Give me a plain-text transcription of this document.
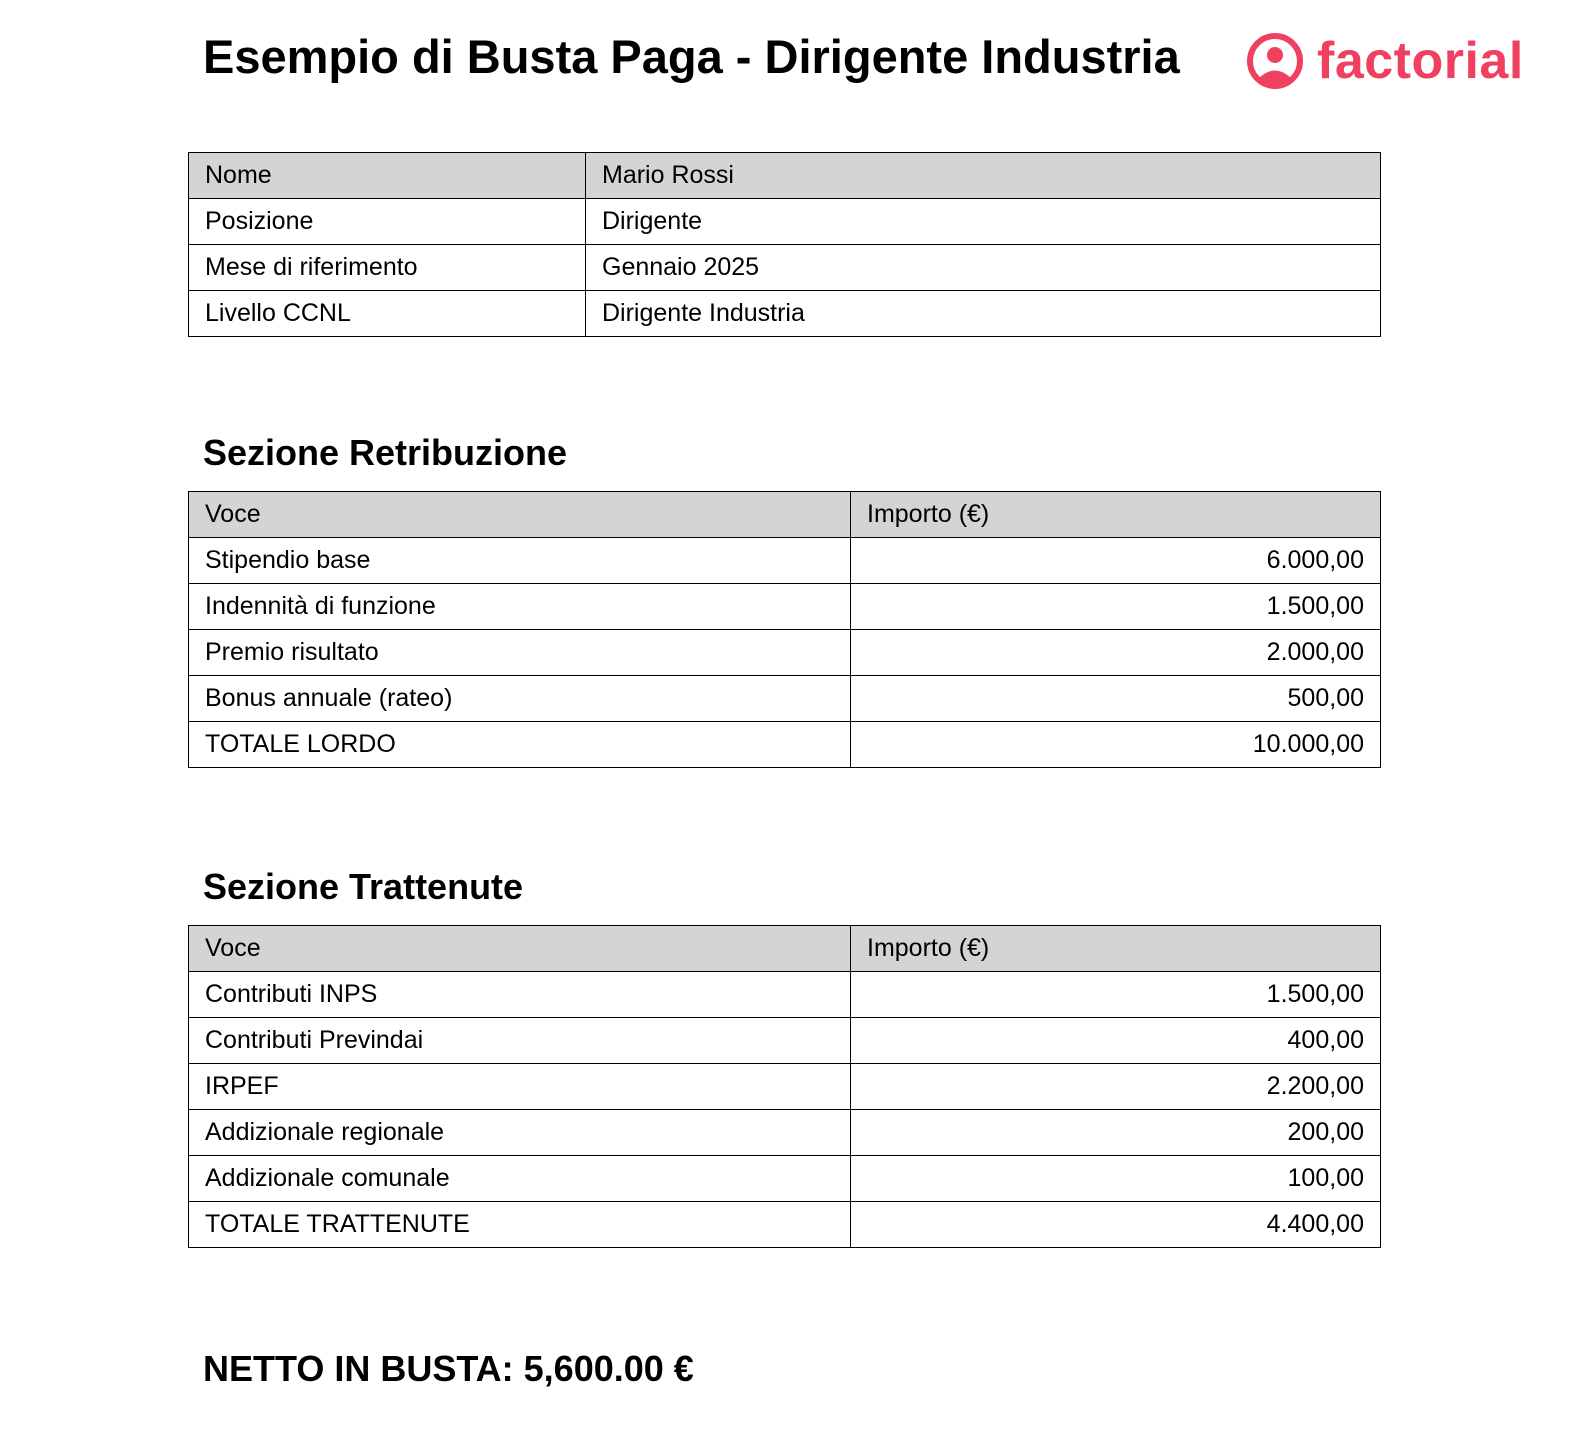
Esempio di Busta Paga - Dirigente Industria	factorial
Nome	Mario Rossi
Posizione	Dirigente
Mese di riferimento	Gennaio 2025
Livello CCNL	Dirigente Industria
Sezione Retribuzione
Voce	Importo (€)
Stipendio base	6.000,00
Indennità di funzione	1.500,00
Premio risultato	2.000,00
Bonus annuale (rateo)	500,00
TOTALE LORDO	10.000,00
Sezione Trattenute
Voce	Importo (€)
Contributi INPS	1.500,00
Contributi Previndai	400,00
IRPEF	2.200,00
Addizionale regionale	200,00
Addizionale comunale	100,00
TOTALE TRATTENUTE	4.400,00

NETTO IN BUSTA: 5,600.00 €
